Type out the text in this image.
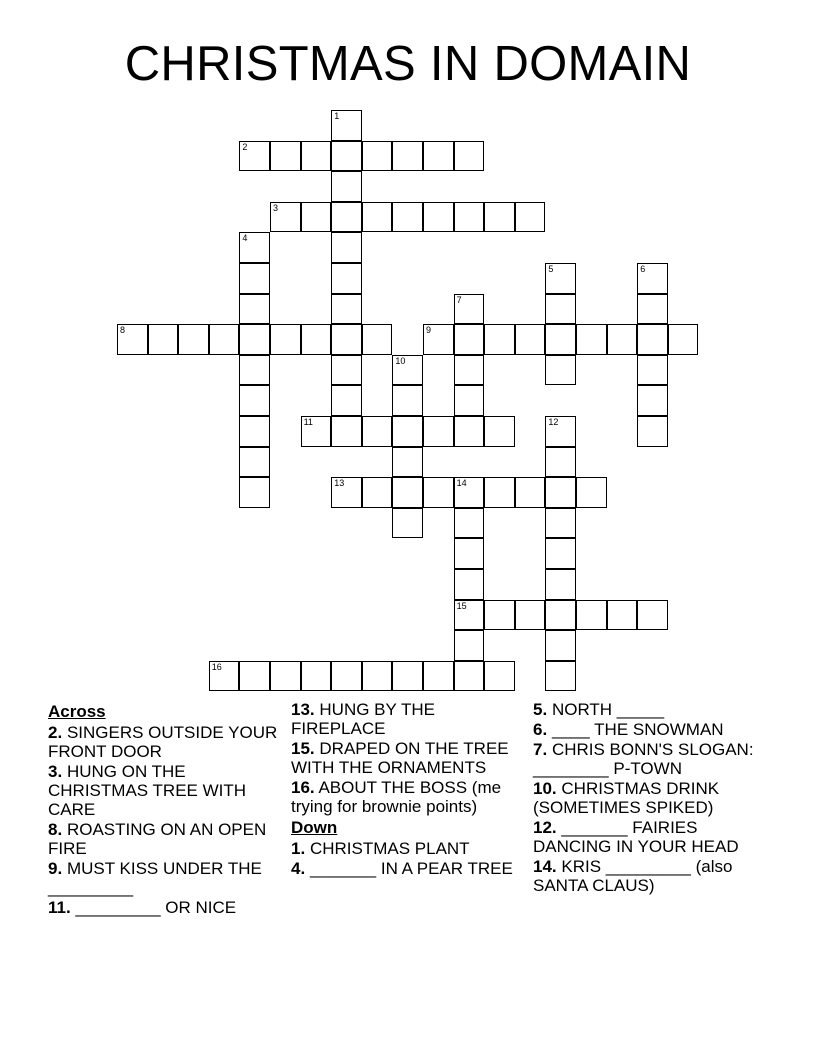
CHRISTMAS IN DOMAIN
1
2
3
4
5	6
7
8	9
10
11	12
13	14
15
16
Across
2. SINGERS OUTSIDE YOUR FRONT DOOR
3. HUNG ON THE CHRISTMAS TREE WITH CARE
8. ROASTING ON AN OPEN FIRE
9. MUST KISS UNDER THE _________
11. _________ OR NICE
13. HUNG BY THE FIREPLACE
15. DRAPED ON THE TREE WITH THE ORNAMENTS
16. ABOUT THE BOSS (me trying for brownie points)
Down
1. CHRISTMAS PLANT
4. _______ IN A PEAR TREE
5. NORTH _____
6. ____ THE SNOWMAN
7. CHRIS BONN'S SLOGAN: ________ P-TOWN
10. CHRISTMAS DRINK (SOMETIMES SPIKED)
12. _______ FAIRIES DANCING IN YOUR HEAD
14. KRIS _________ (also SANTA CLAUS)
